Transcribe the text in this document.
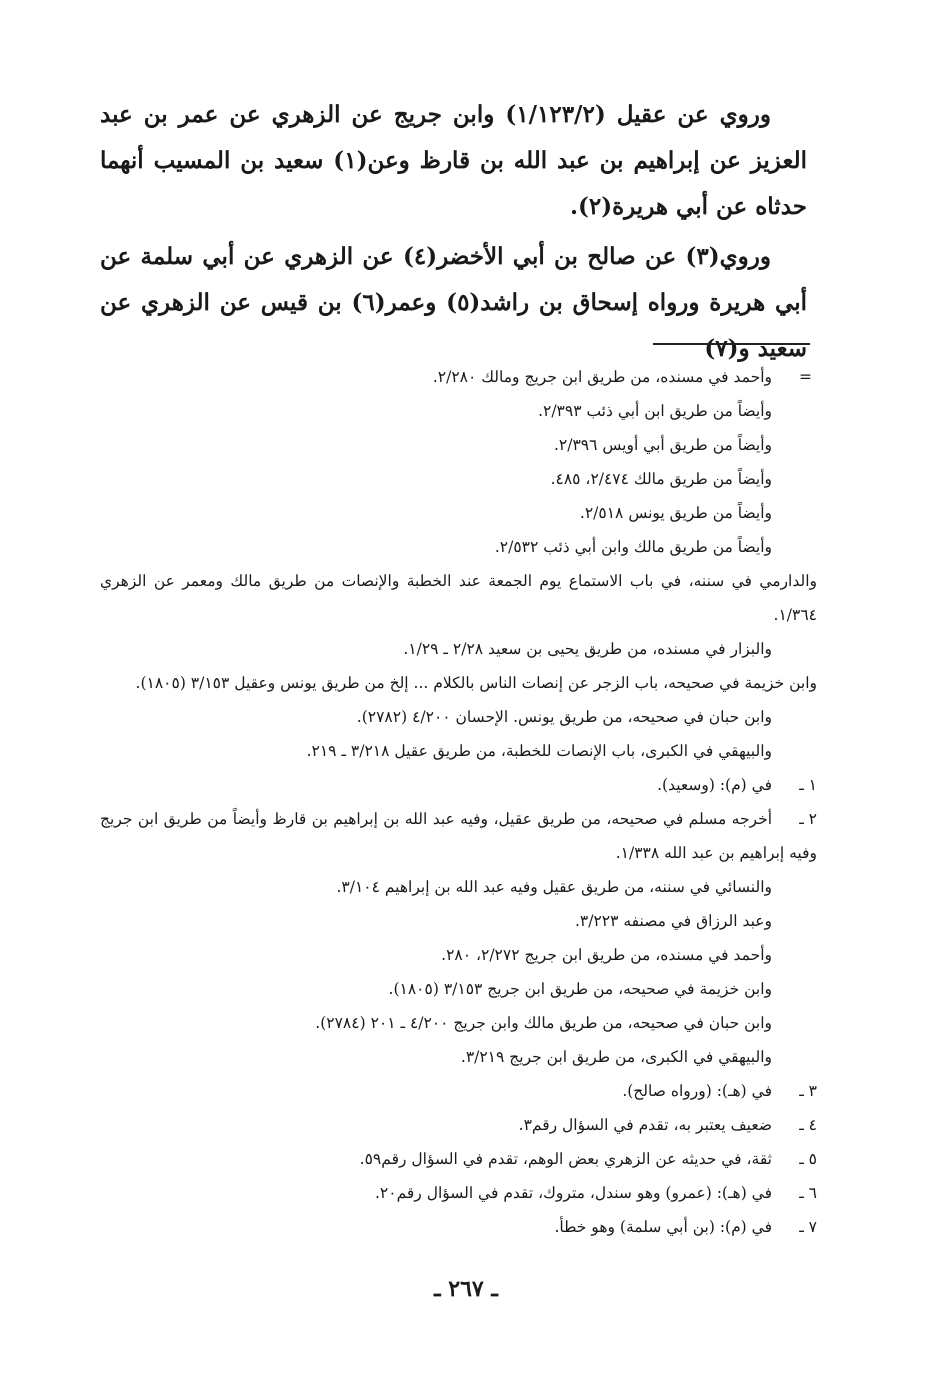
وروي عن عقيل (١/١٢٣/٢) وابن جريج عن الزهري عن عمر بن عبد العزيز عن إبراهيم بن عبد الله بن قارظ وعن(١) سعيد بن المسيب أنهما حدثاه عن أبي هريرة(٢).

وروي(٣) عن صالح بن أبي الأخضر(٤) عن الزهري عن أبي سلمة عن أبي هريرة ورواه إسحاق بن راشد(٥) وعمر(٦) بن قيس عن الزهري عن سعيد و(٧)

=

وأحمد في مسنده، من طريق ابن جريج ومالك ٢/٢٨٠.

وأيضاً من طريق ابن أبي ذئب ٢/٣٩٣.

وأيضاً من طريق أبي أويس ٢/٣٩٦.

وأيضاً من طريق مالك ٢/٤٧٤، ٤٨٥.

وأيضاً من طريق يونس ٢/٥١٨.

وأيضاً من طريق مالك وابن أبي ذئب ٢/٥٣٢.

والدارمي في سننه، في باب الاستماع يوم الجمعة عند الخطبة والإنصات من طريق مالك ومعمر عن الزهري ١/٣٦٤.

والبزار في مسنده، من طريق يحيى بن سعيد ٢/٢٨ ـ ١/٢٩.

وابن خزيمة في صحيحه، باب الزجر عن إنصات الناس بالكلام ... إلخ من طريق يونس وعقيل ٣/١٥٣ (١٨٠٥).

وابن حبان في صحيحه، من طريق يونس. الإحسان ٤/٢٠٠ (٢٧٨٢).

والبيهقي في الكبرى، باب الإنصات للخطبة، من طريق عقيل ٣/٢١٨ ـ ٢١٩.

١ ـفي (م): (وسعيد).

٢ ـأخرجه مسلم في صحيحه، من طريق عقيل، وفيه عبد الله بن إبراهيم بن قارظ وأيضاً من طريق ابن جريج وفيه إبراهيم بن عبد الله ١/٣٣٨.

والنسائي في سننه، من طريق عقيل وفيه عبد الله بن إبراهيم ٣/١٠٤.

وعبد الرزاق في مصنفه ٣/٢٢٣.

وأحمد في مسنده، من طريق ابن جريج ٢/٢٧٢، ٢٨٠.

وابن خزيمة في صحيحه، من طريق ابن جريج ٣/١٥٣ (١٨٠٥).

وابن حبان في صحيحه، من طريق مالك وابن جريج ٤/٢٠٠ ـ ٢٠١ (٢٧٨٤).

والبيهقي في الكبرى، من طريق ابن جريج ٣/٢١٩.

٣ ـفي (هـ): (ورواه صالح).

٤ ـضعيف يعتبر به، تقدم في السؤال رقم٣.

٥ ـثقة، في حديثه عن الزهري بعض الوهم، تقدم في السؤال رقم٥٩.

٦ ـفي (هـ): (عمرو) وهو سندل، متروك، تقدم في السؤال رقم٢٠.

٧ ـفي (م): (بن أبي سلمة) وهو خطأ.

ـ ٢٦٧ ـ
